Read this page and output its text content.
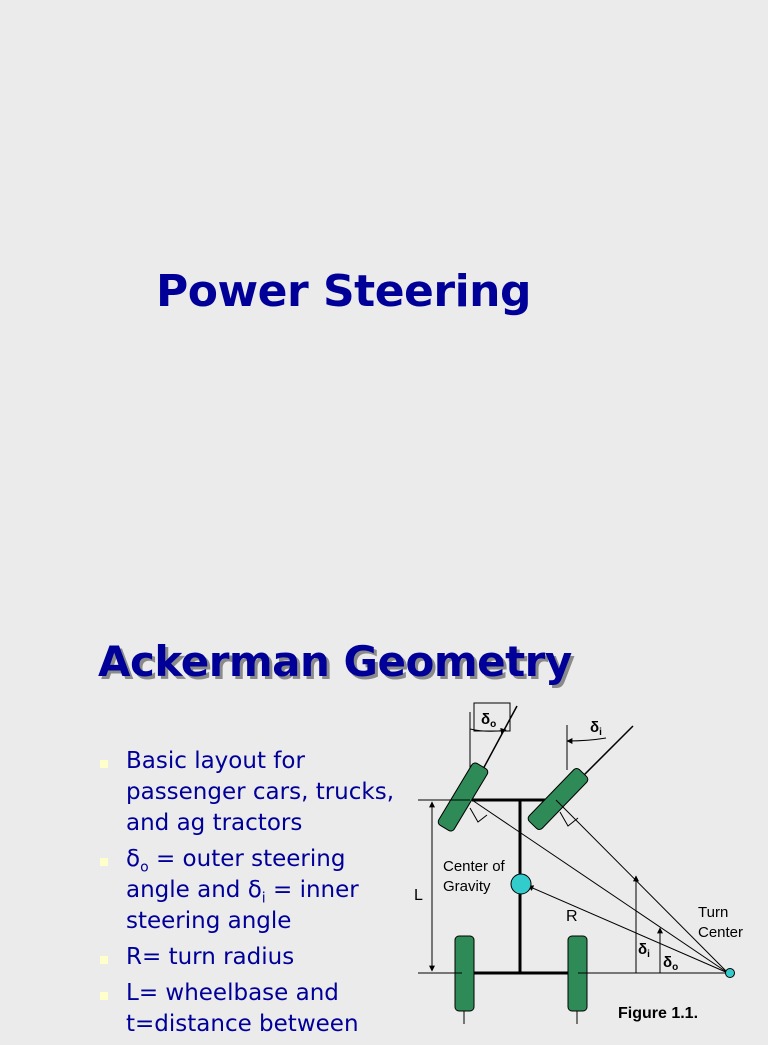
Power Steering
Ackerman Geometry
Basic layout for passenger cars, trucks, and ag tractors
$\delta_o$ = outer steering angle and $\delta_i$ = inner steering angle
R= turn radius
L= wheelbase and t=distance between
$\delta_o$	$\delta_i$
L
$\delta_i$ $\delta_o$
Center of
Gravity
R	Turn
Center
Figure 1.1.
